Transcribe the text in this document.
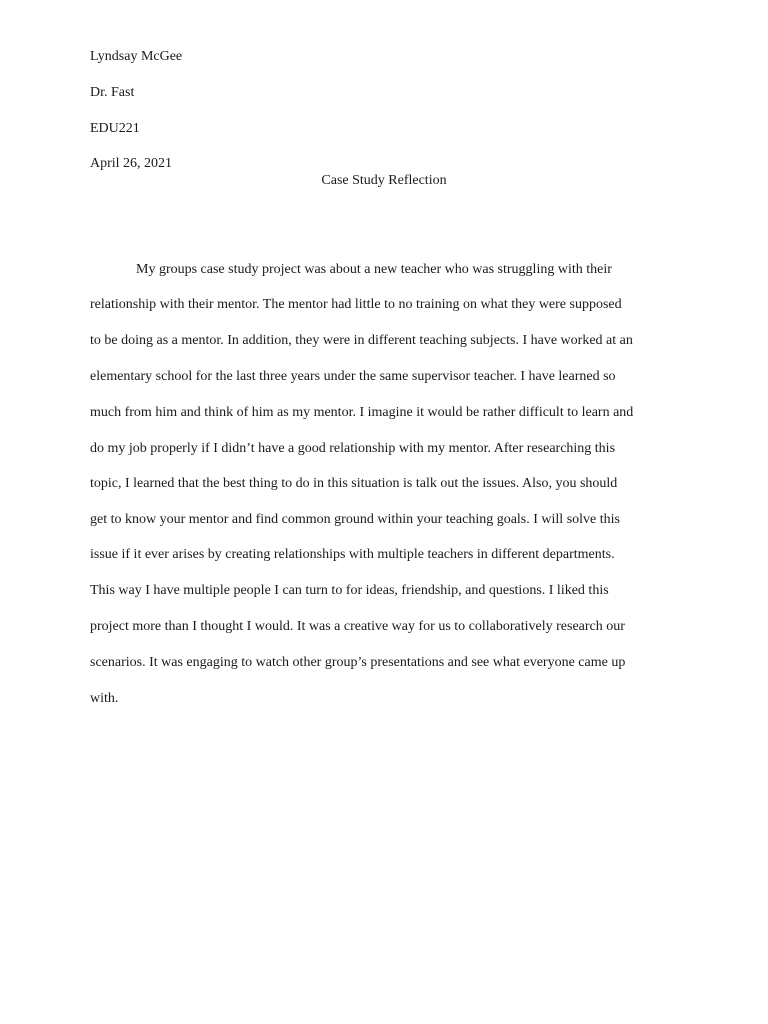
Lyndsay McGee
Dr. Fast
EDU221
April 26, 2021
Case Study Reflection
My groups case study project was about a new teacher who was struggling with their
relationship with their mentor. The mentor had little to no training on what they were supposed
to be doing as a mentor. In addition, they were in different teaching subjects. I have worked at an
elementary school for the last three years under the same supervisor teacher. I have learned so
much from him and think of him as my mentor. I imagine it would be rather difficult to learn and
do my job properly if I didn’t have a good relationship with my mentor. After researching this
topic, I learned that the best thing to do in this situation is talk out the issues. Also, you should
get to know your mentor and find common ground within your teaching goals. I will solve this
issue if it ever arises by creating relationships with multiple teachers in different departments.
This way I have multiple people I can turn to for ideas, friendship, and questions. I liked this
project more than I thought I would. It was a creative way for us to collaboratively research our
scenarios. It was engaging to watch other group’s presentations and see what everyone came up
with.
